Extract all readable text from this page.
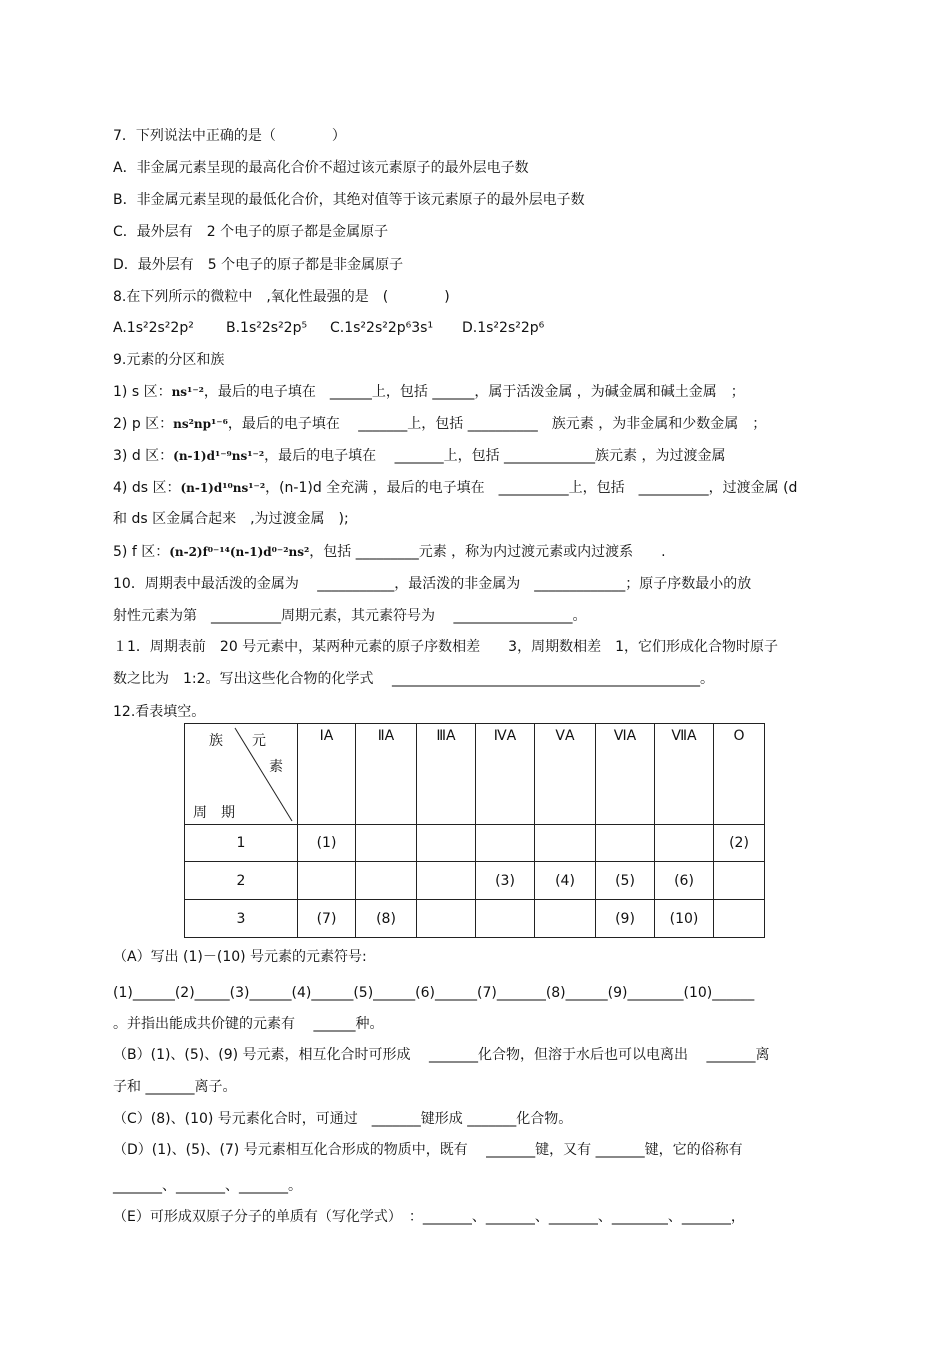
7．下列说法中正确的是（　　　　）
A．非金属元素呈现的最高化合价不超过该元素原子的最外层电子数
B．非金属元素呈现的最低化合价，其绝对值等于该元素原子的最外层电子数
C．最外层有　2 个电子的原子都是金属原子
D．最外层有　5 个电子的原子都是非金属原子
8.在下列所示的微粒中　,氧化性最强的是　(　　　　)
A.1s²2s²2p² B.1s²2s²2p⁵ C.1s²2s²2p⁶3s¹ D.1s²2s²2p⁶
9.元素的分区和族
1) s 区：ns¹⁻²，最后的电子填在　______上，包括 ______，属于活泼金属 ，为碱金属和碱土金属　；
2) p 区：ns²np¹⁻⁶，最后的电子填在　 _______上，包括 __________　族元素 ，为非金属和少数金属　；
3) d 区：(n-1)d¹⁻⁹ns¹⁻²，最后的电子填在　 _______上，包括 _____________族元素 ，为过渡金属
4) ds 区：(n-1)d¹⁰ns¹⁻²，(n-1)d 全充满 ，最后的电子填在　__________上，包括　__________，过渡金属 (d
和 ds 区金属合起来　,为过渡金属　);
5) f 区：(n-2)f⁰⁻¹⁴(n-1)d⁰⁻²ns²，包括 _________元素 ，称为内过渡元素或内过渡系　　.
10．周期表中最活泼的金属为　 ___________，最活泼的非金属为　_____________；原子序数最小的放
射性元素为第　__________周期元素，其元素符号为　 _________________。
１1．周期表前　20 号元素中，某两种元素的原子序数相差　　3，周期数相差　1，它们形成化合物时原子
数之比为　1:2。写出这些化合物的化学式　 ____________________________________________。
12.看表填空。
族 元
素
周　期	ⅠA	ⅡA	ⅢA	ⅣA	ⅤA	ⅥA	ⅦA	O
1	(1)							(2)
2				(3)	(4)	(5)	(6)	
3	(7)	(8)				(9)	(10)	
（A）写出 (1)－(10) 号元素的元素符号:
(1)______(2)_____(3)______(4)______(5)______(6)______(7)_______(8)______(9)________(10)______
。并指出能成共价键的元素有　 ______种。
（B）(1)、(5)、(9) 号元素，相互化合时可形成　 _______化合物，但溶于水后也可以电离出　 _______离
子和 _______离子。
（C）(8)、(10) 号元素化合时，可通过　_______键形成 _______化合物。
（D）(1)、(5)、(7) 号元素相互化合形成的物质中，既有　 _______键，又有 _______键，它的俗称有
_______、_______、_______。
（E）可形成双原子分子的单质有（写化学式）　：_______、_______、_______、________、_______，
